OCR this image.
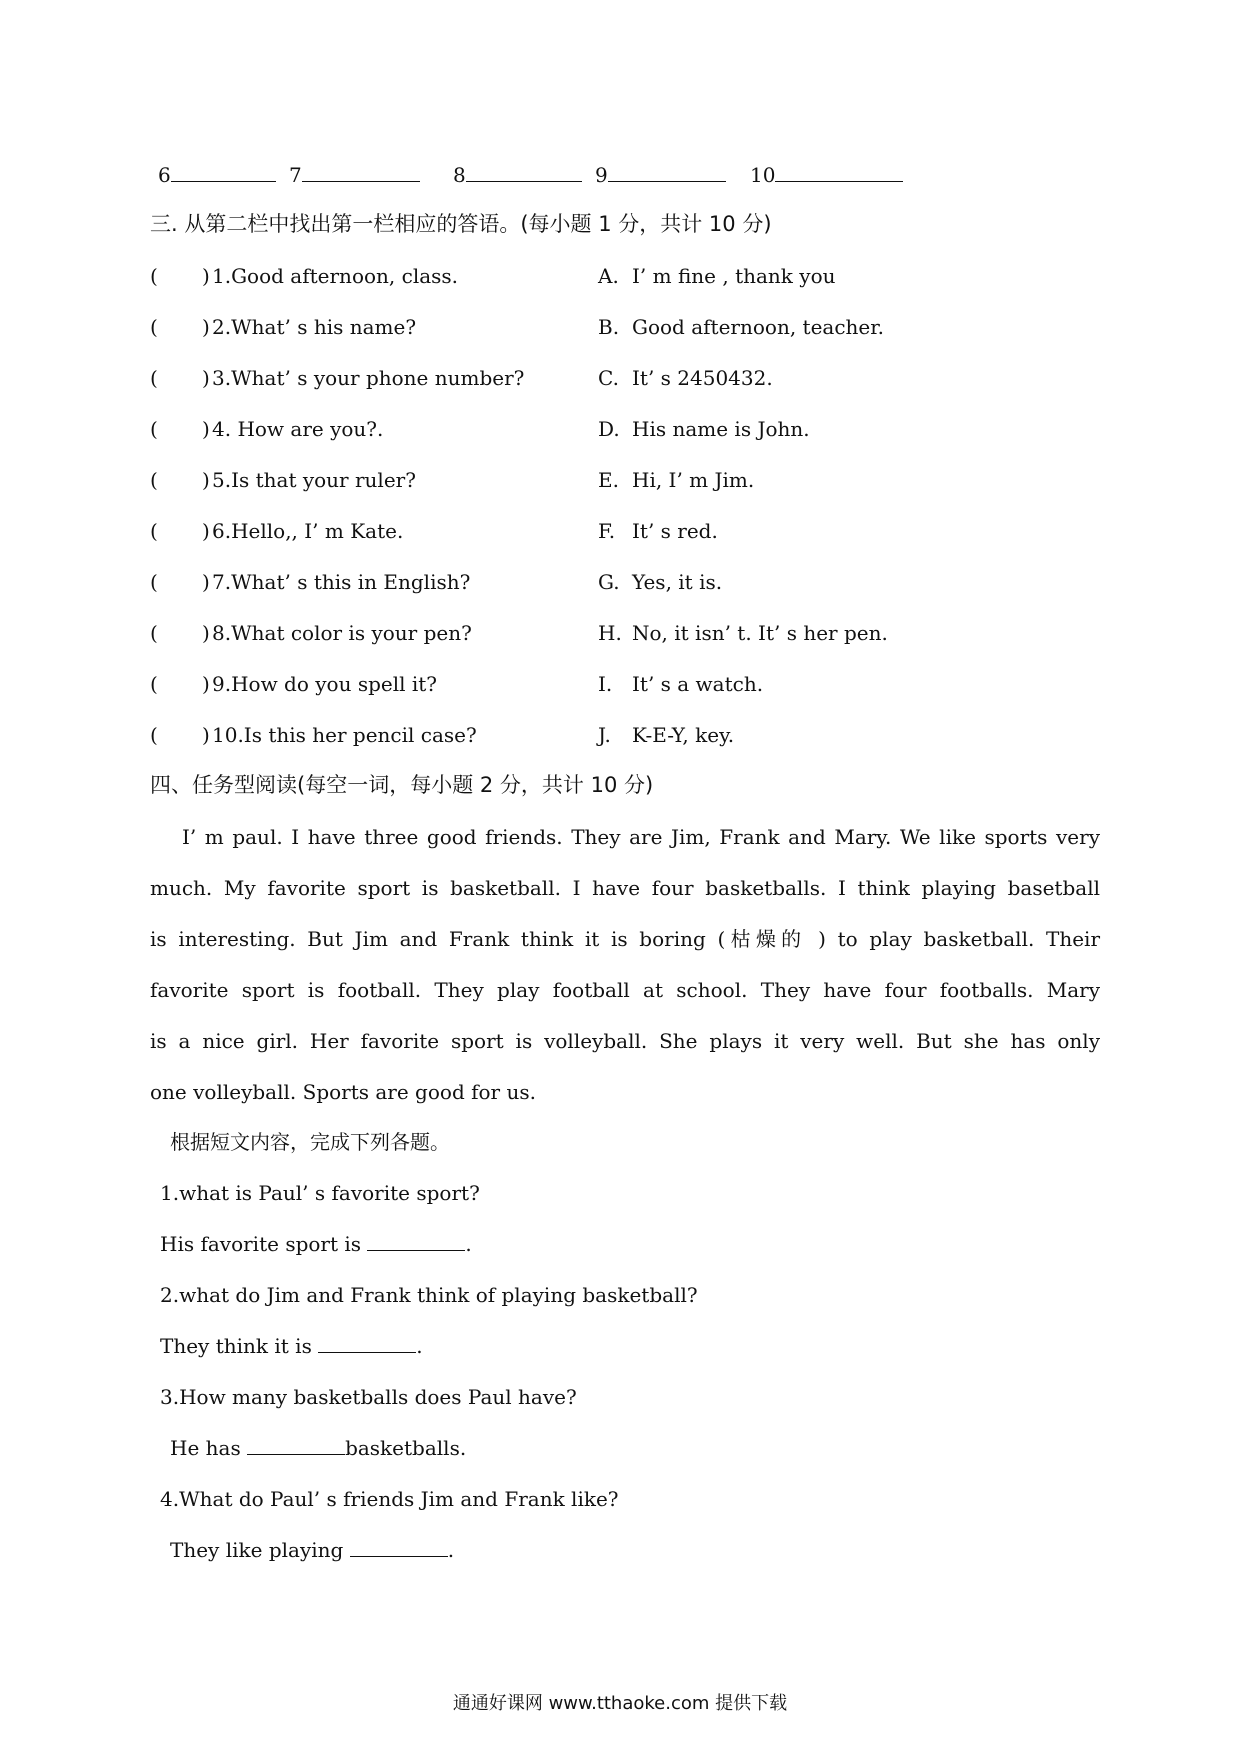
6	7	8	9	10
三. 从第二栏中找出第一栏相应的答语。(每小题 1 分，共计 10 分)
( ) 1.Good afternoon, class.	A. I’ m fine , thank you
( ) 2.What’ s his name?	B. Good afternoon, teacher.
( ) 3.What’ s your phone number?	C. It’ s 2450432.
( ) 4. How are you?.	D. His name is John.
( ) 5.Is that your ruler?	E. Hi, I’ m Jim.
( ) 6.Hello,, I’ m Kate.	F. It’ s red.
( ) 7.What’ s this in English?	G. Yes, it is.
( ) 8.What color is your pen?	H. No, it isn’ t. It’ s her pen.
( ) 9.How do you spell it?	I. It’ s a watch.
( ) 10.Is this her pencil case?	J. K-E-Y, key.
四、任务型阅读(每空一词，每小题 2 分，共计 10 分)
I’ m paul. I have three good friends. They are Jim, Frank and Mary. We like sports very
much. My favorite sport is basketball. I have four basketballs. I think playing basetball
is interesting. But Jim and Frank think it is boring (枯燥的 ) to play basketball. Their
favorite sport is football. They play football at school. They have four footballs. Mary
is a nice girl. Her favorite sport is volleyball. She plays it very well. But she has only
one volleyball. Sports are good for us.
根据短文内容，完成下列各题。
1.what is Paul’ s favorite sport?
His favorite sport is	.
2.what do Jim and Frank think of playing basketball?
They think it is	.
3.How many basketballs does Paul have?
He has	basketballs.
4.What do Paul’ s friends Jim and Frank like?
They like playing	.
通通好课网 www.tthaoke.com 提供下载
